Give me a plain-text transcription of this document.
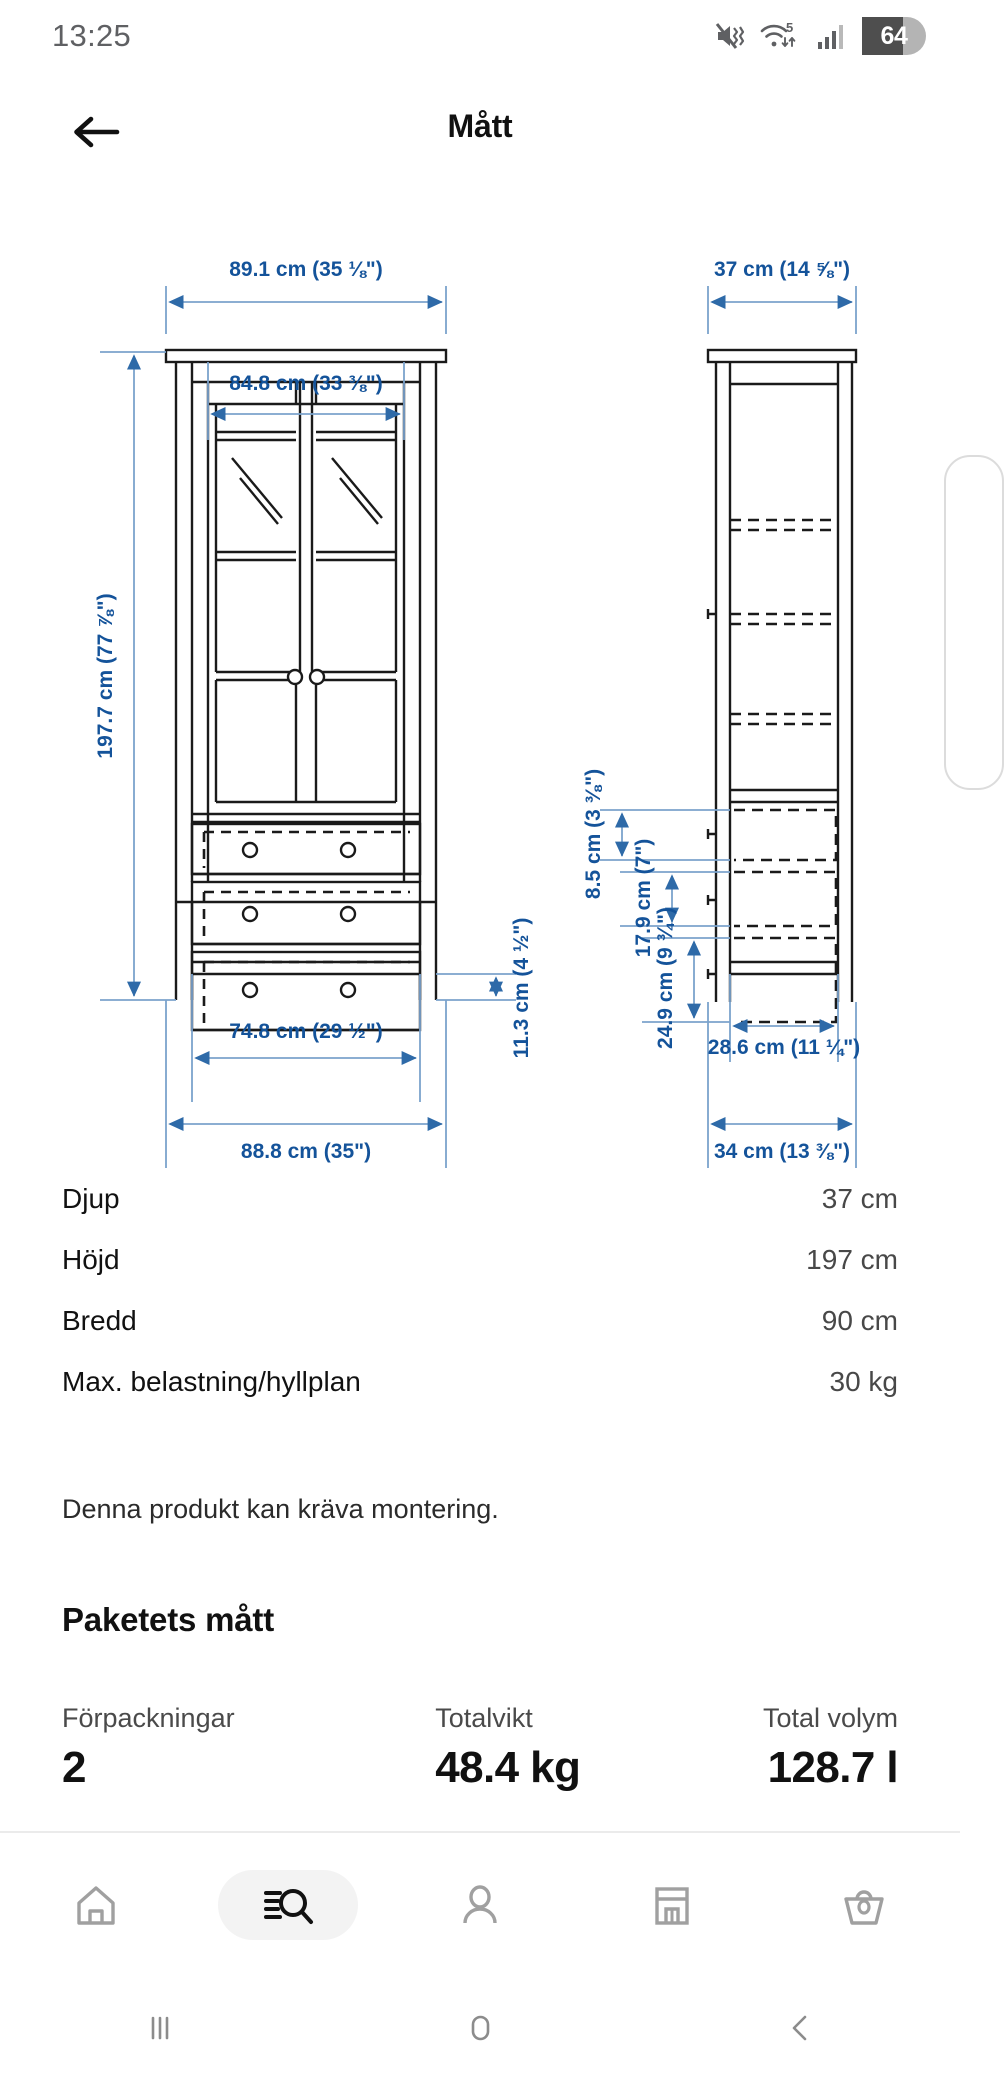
13:25	5	64
Mått
89.1 cm (35 ⅛")
84.8 cm (33 ⅜")
197.7 cm (77 ⅞")
74.8 cm (29 ½")
88.8 cm (35")
11.3 cm (4 ½")
37 cm (14 ⅝")
8.5 cm (3 ⅜") 17.9 cm (7")
24.9 cm (9 ¾") 28.6 cm (11 ¼")
34 cm (13 ⅜")
Djup	37 cm
Höjd	197 cm
Bredd	90 cm
Max. belastning/hyllplan	30 kg
Denna produkt kan kräva montering.
Paketets mått
Förpackningar
2
Totalvikt
48.4 kg
Total volym
128.7 l
